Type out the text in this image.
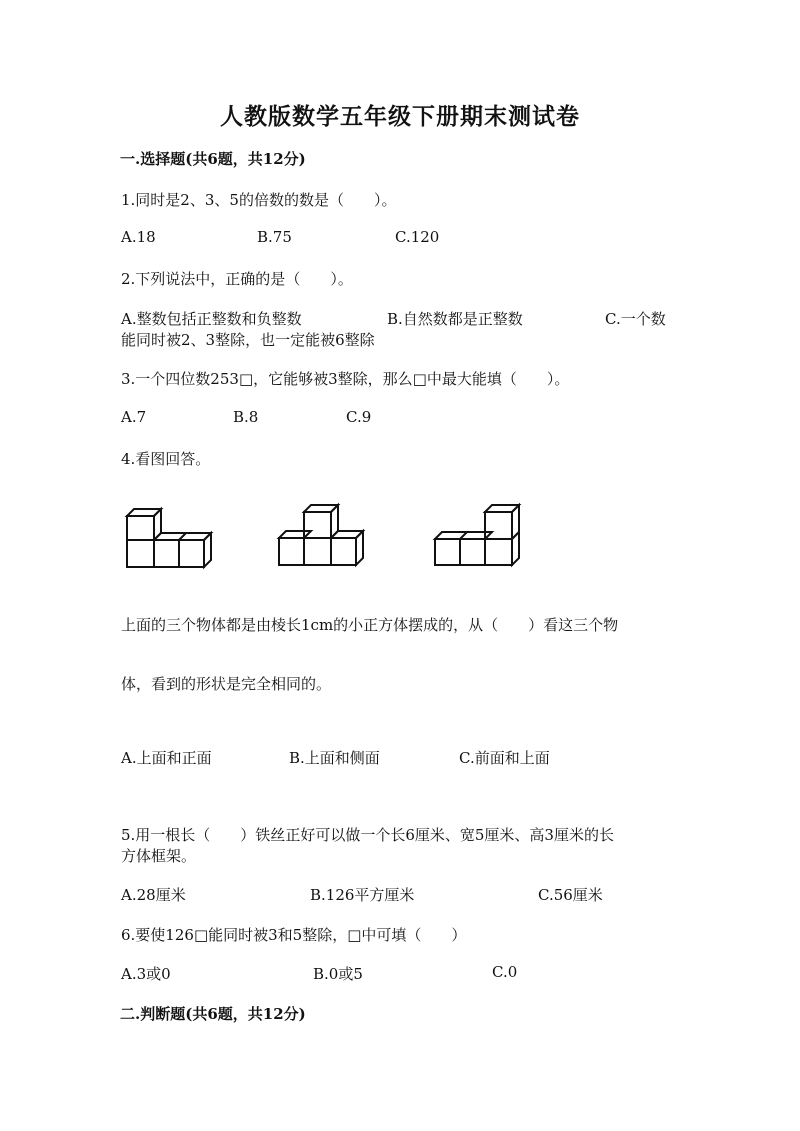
人教版数学五年级下册期末测试卷
一.选择题(共6题，共12分)
1.同时是2、3、5的倍数的数是（　　）。
A.18	B.75	C.120
2.下列说法中，正确的是（　　）。
A.整数包括正整数和负整数	B.自然数都是正整数	C.一个数
能同时被2、3整除，也一定能被6整除
3.一个四位数253□，它能够被3整除，那么□中最大能填（　　）。
A.7	B.8	C.9
4.看图回答。
上面的三个物体都是由棱长1cm的小正方体摆成的，从（　　）看这三个物
体，看到的形状是完全相同的。
A.上面和正面	B.上面和侧面	C.前面和上面
5.用一根长（　　）铁丝正好可以做一个长6厘米、宽5厘米、高3厘米的长
方体框架。
A.28厘米	B.126平方厘米	C.56厘米
6.要使126□能同时被3和5整除，□中可填（　　）
A.3或0	B.0或5	C.0
二.判断题(共6题，共12分)
